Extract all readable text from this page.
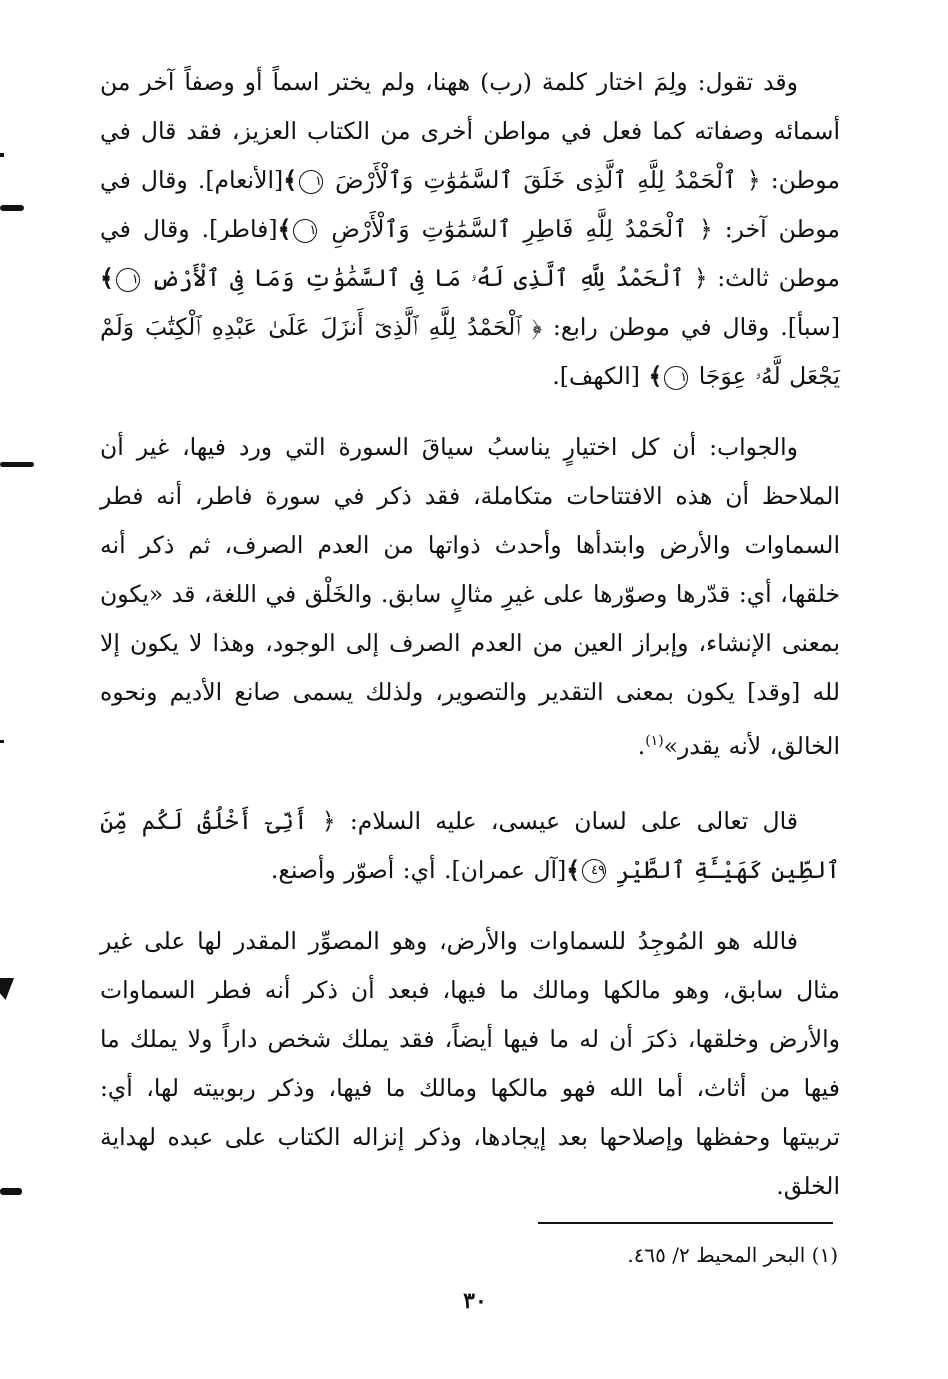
وقد تقول: ولِمَ اختار كلمة (رب) ههنا، ولم يختر اسماً أو وصفاً آخر من أسمائه وصفاته كما فعل في مواطن أخرى من الكتاب العزيز، فقد قال في موطن: ﴿ ٱلْحَمْدُ لِلَّهِ ٱلَّذِى خَلَقَ ٱلسَّمَٰوَٰتِ وَٱلْأَرْضَ ١﴾[الأنعام]. وقال في موطن آخر: ﴿ ٱلْحَمْدُ لِلَّهِ فَاطِرِ ٱلسَّمَٰوَٰتِ وَٱلْأَرْضِ ١﴾[فاطر]. وقال في موطن ثالث: ﴿ ٱلْحَمْدُ لِلَّهِ ٱلَّذِى لَهُۥ مَا فِى ٱلسَّمَٰوَٰتِ وَمَا فِى ٱلْأَرْضِ ١﴾[سبأ]. وقال في موطن رابع: ﴿ ٱلْحَمْدُ لِلَّهِ ٱلَّذِىٓ أَنزَلَ عَلَىٰ عَبْدِهِ ٱلْكِتَٰبَ وَلَمْ يَجْعَل لَّهُۥ عِوَجَا ١﴾ [الكهف].

والجواب: أن كل اختيارٍ يناسبُ سياقَ السورة التي ورد فيها، غير أن الملاحظ أن هذه الافتتاحات متكاملة، فقد ذكر في سورة فاطر، أنه فطر السماوات والأرض وابتدأها وأحدث ذواتها من العدم الصرف، ثم ذكر أنه خلقها، أي: قدّرها وصوّرها على غيرِ مثالٍ سابق. والخَلْق في اللغة، قد «يكون بمعنى الإنشاء، وإبراز العين من العدم الصرف إلى الوجود، وهذا لا يكون إلا لله [وقد] يكون بمعنى التقدير والتصوير، ولذلك يسمى صانع الأديم ونحوه الخالق، لأنه يقدر»$^{(١)}$.

قال تعالى على لسان عيسى، عليه السلام: ﴿ أَنِّىٓ أَخْلُقُ لَكُم مِّنَ ٱلطِّينِ كَهَيْـَٔةِ ٱلطَّيْرِ ٤٩﴾[آل عمران]. أي: أصوّر وأصنع.

فالله هو المُوجِدُ للسماوات والأرض، وهو المصوِّر المقدر لها على غير مثال سابق، وهو مالكها ومالك ما فيها، فبعد أن ذكر أنه فطر السماوات والأرض وخلقها، ذكرَ أن له ما فيها أيضاً، فقد يملك شخص داراً ولا يملك ما فيها من أثاث، أما الله فهو مالكها ومالك ما فيها، وذكر ربوبيته لها، أي: تربيتها وحفظها وإصلاحها بعد إيجادها، وذكر إنزاله الكتاب على عبده لهداية الخلق.

(١) البحر المحيط ٢/ ٤٦٥.
٣٠
